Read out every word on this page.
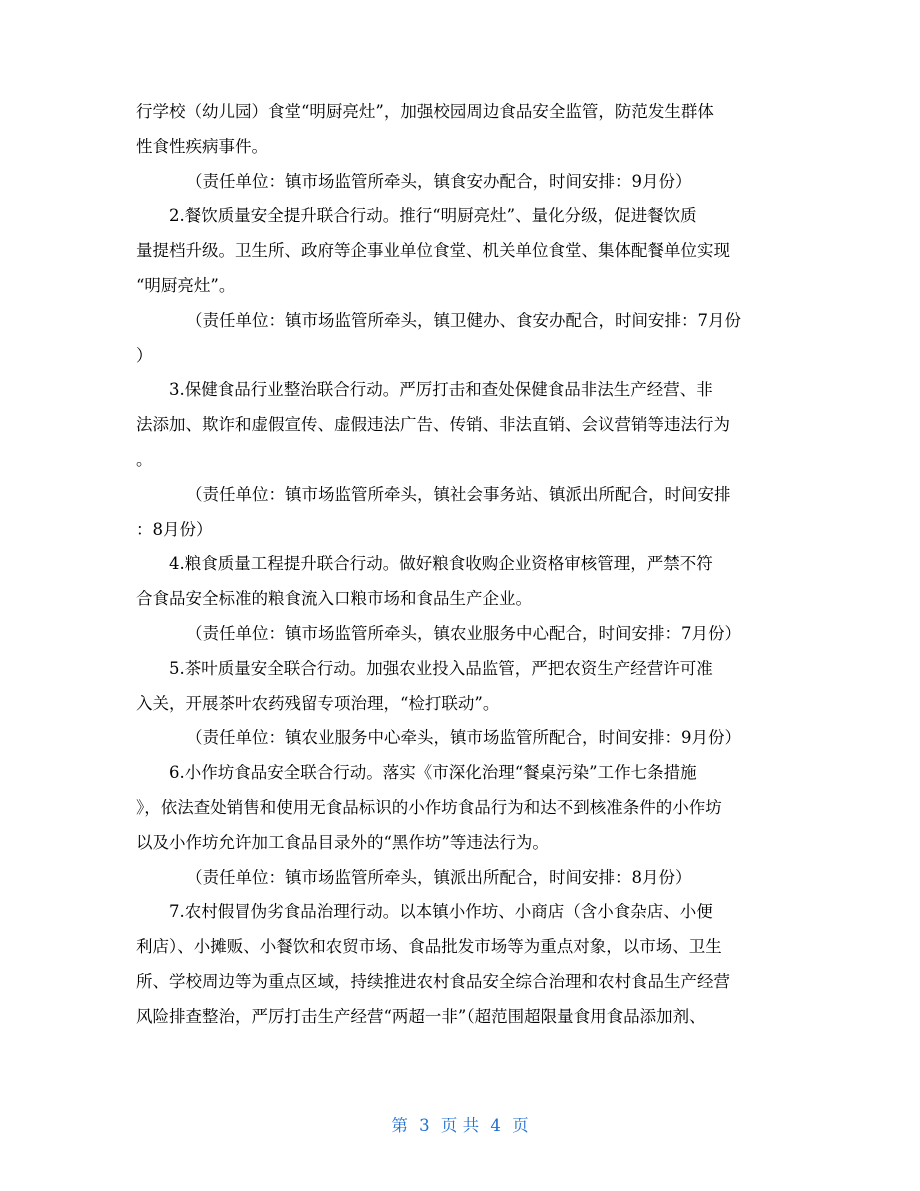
行学校（幼儿园）食堂“明厨亮灶”，加强校园周边食品安全监管，防范发生群体
性食性疾病事件。
（责任单位：镇市场监管所牵头，镇食安办配合，时间安排：9月份）
2.餐饮质量安全提升联合行动。推行“明厨亮灶”、量化分级，促进餐饮质
量提档升级。卫生所、政府等企事业单位食堂、机关单位食堂、集体配餐单位实现
“明厨亮灶”。
（责任单位：镇市场监管所牵头，镇卫健办、食安办配合，时间安排：7月份
）
3.保健食品行业整治联合行动。严厉打击和查处保健食品非法生产经营、非
法添加、欺诈和虚假宣传、虚假违法广告、传销、非法直销、会议营销等违法行为
。
（责任单位：镇市场监管所牵头，镇社会事务站、镇派出所配合，时间安排
：8月份）
4.粮食质量工程提升联合行动。做好粮食收购企业资格审核管理，严禁不符
合食品安全标准的粮食流入口粮市场和食品生产企业。
（责任单位：镇市场监管所牵头，镇农业服务中心配合，时间安排：7月份）
5.茶叶质量安全联合行动。加强农业投入品监管，严把农资生产经营许可准
入关，开展茶叶农药残留专项治理，“检打联动”。
（责任单位：镇农业服务中心牵头，镇市场监管所配合，时间安排：9月份）
6.小作坊食品安全联合行动。落实《市深化治理“餐桌污染”工作七条措施
》，依法查处销售和使用无食品标识的小作坊食品行为和达不到核准条件的小作坊
以及小作坊允许加工食品目录外的“黑作坊”等违法行为。
（责任单位：镇市场监管所牵头，镇派出所配合，时间安排：8月份）
7.农村假冒伪劣食品治理行动。以本镇小作坊、小商店（含小食杂店、小便
利店）、小摊贩、小餐饮和农贸市场、食品批发市场等为重点对象，以市场、卫生
所、学校周边等为重点区域，持续推进农村食品安全综合治理和农村食品生产经营
风险排查整治，严厉打击生产经营“两超一非”（超范围超限量食用食品添加剂、
第 3 页 共 4 页
